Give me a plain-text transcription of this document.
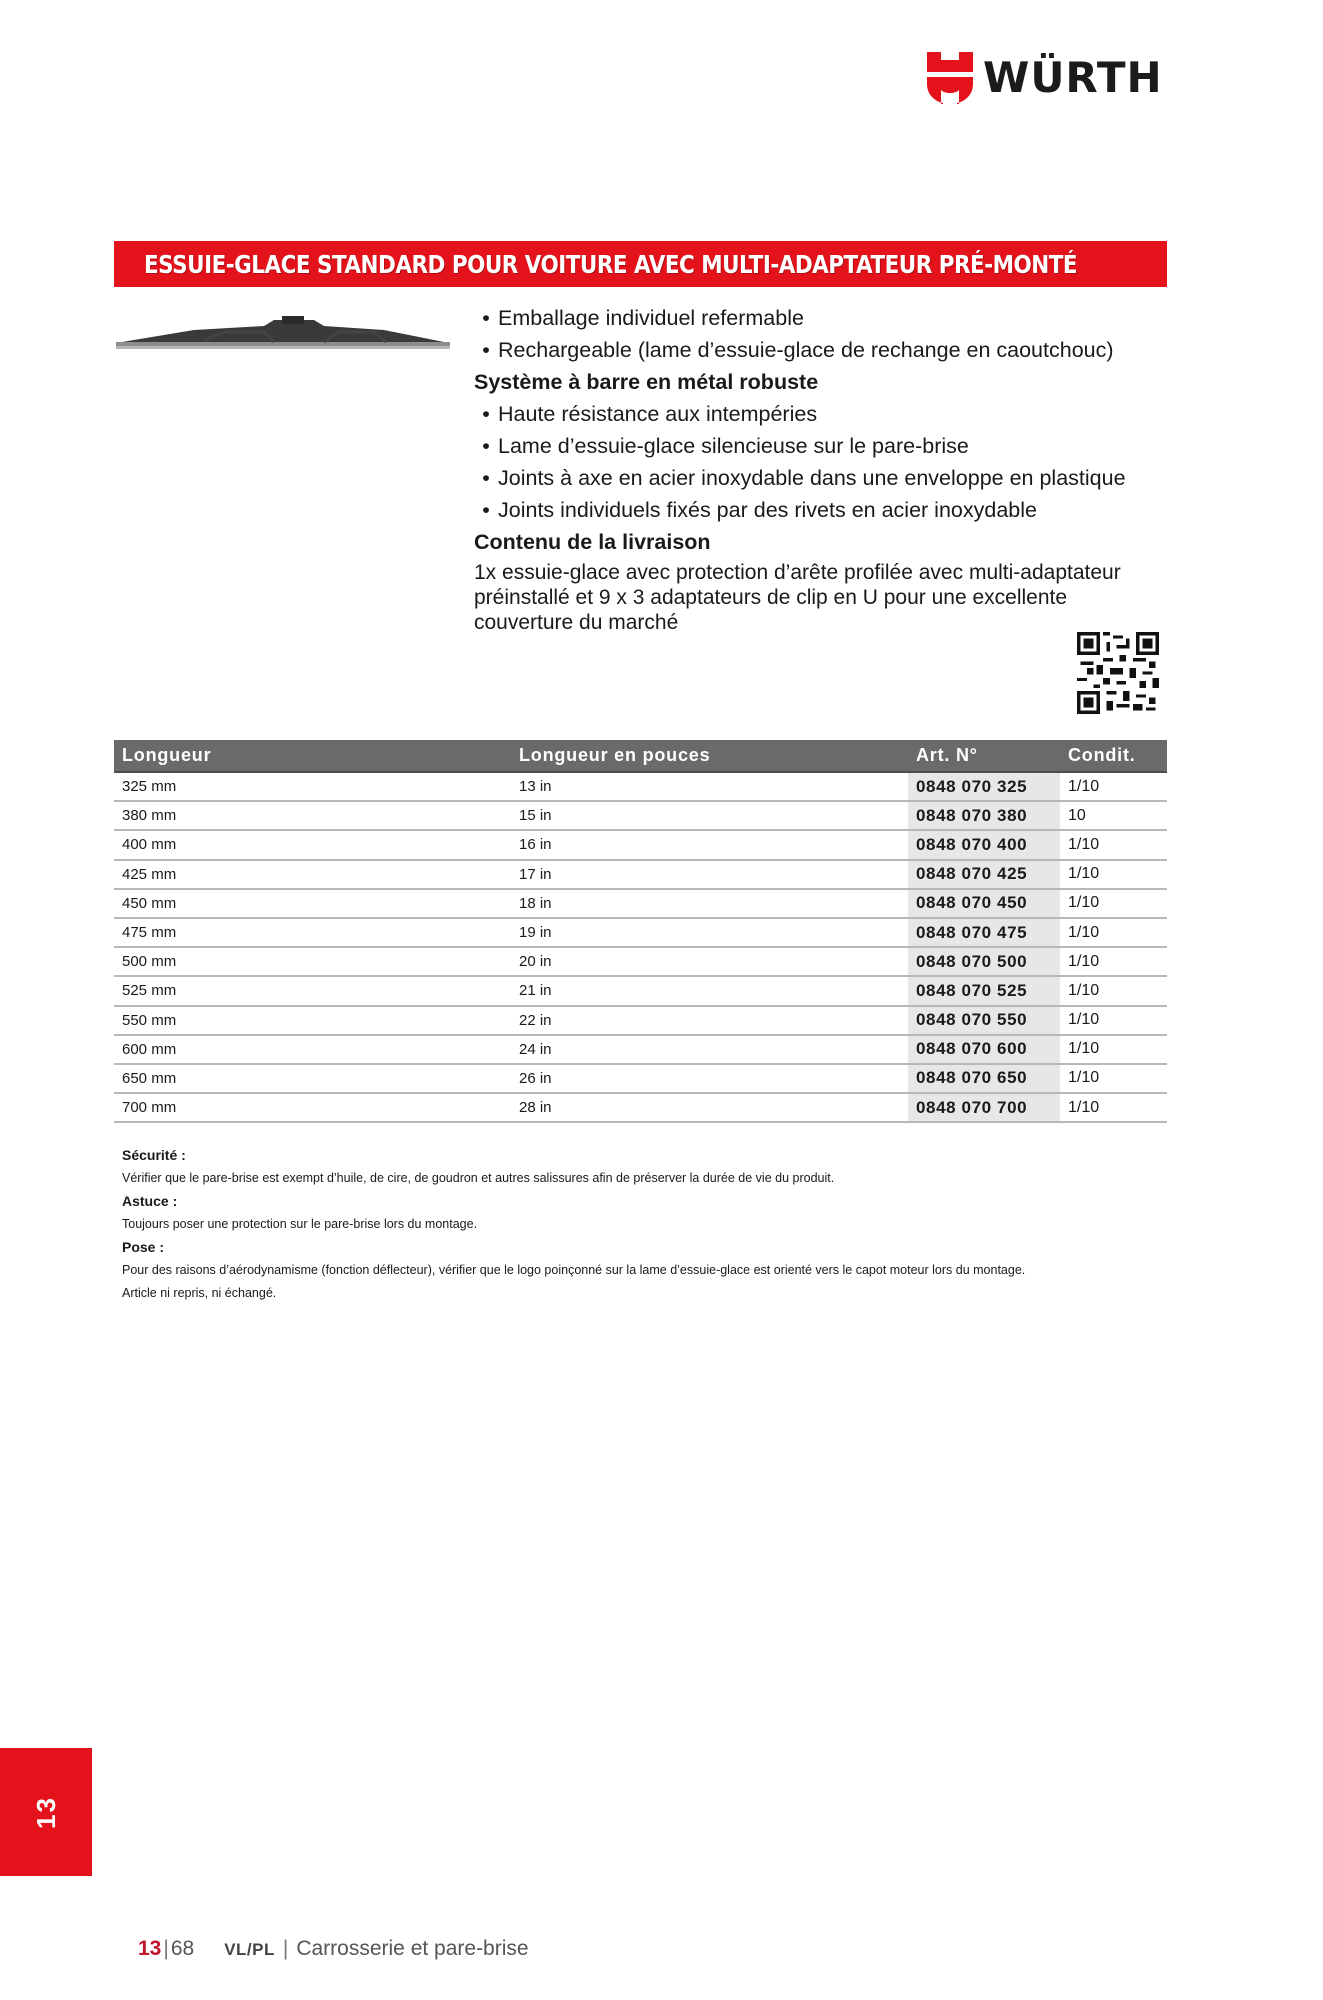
WÜRTH
ESSUIE-GLACE STANDARD POUR VOITURE AVEC MULTI-ADAPTATEUR PRÉ-MONTÉ
• Emballage individuel refermable
• Rechargeable (lame d’essuie-glace de rechange en caoutchouc)
Système à barre en métal robuste
• Haute résistance aux intempéries
• Lame d’essuie-glace silencieuse sur le pare-brise
• Joints à axe en acier inoxydable dans une enveloppe en plastique
• Joints individuels fixés par des rivets en acier inoxydable
Contenu de la livraison
1x essuie-glace avec protection d’arête profilée avec multi-adaptateur préinstallé et 9 x 3 adaptateurs de clip en U pour une excellente couverture du marché
Longueur	Longueur en pouces	Art. N°	Condit.
325 mm	13 in	0848 070 325	1/10
380 mm	15 in	0848 070 380	10
400 mm	16 in	0848 070 400	1/10
425 mm	17 in	0848 070 425	1/10
450 mm	18 in	0848 070 450	1/10
475 mm	19 in	0848 070 475	1/10
500 mm	20 in	0848 070 500	1/10
525 mm	21 in	0848 070 525	1/10
550 mm	22 in	0848 070 550	1/10
600 mm	24 in	0848 070 600	1/10
650 mm	26 in	0848 070 650	1/10
700 mm	28 in	0848 070 700	1/10
Sécurité :
Vérifier que le pare-brise est exempt d’huile, de cire, de goudron et autres salissures afin de préserver la durée de vie du produit.
Astuce :
Toujours poser une protection sur le pare-brise lors du montage.
Pose :
Pour des raisons d’aérodynamisme (fonction déflecteur), vérifier que le logo poinçonné sur la lame d’essuie-glace est orienté vers le capot moteur lors du montage.
Article ni repris, ni échangé.
13
13 | 68 VL/PL | Carrosserie et pare-brise
